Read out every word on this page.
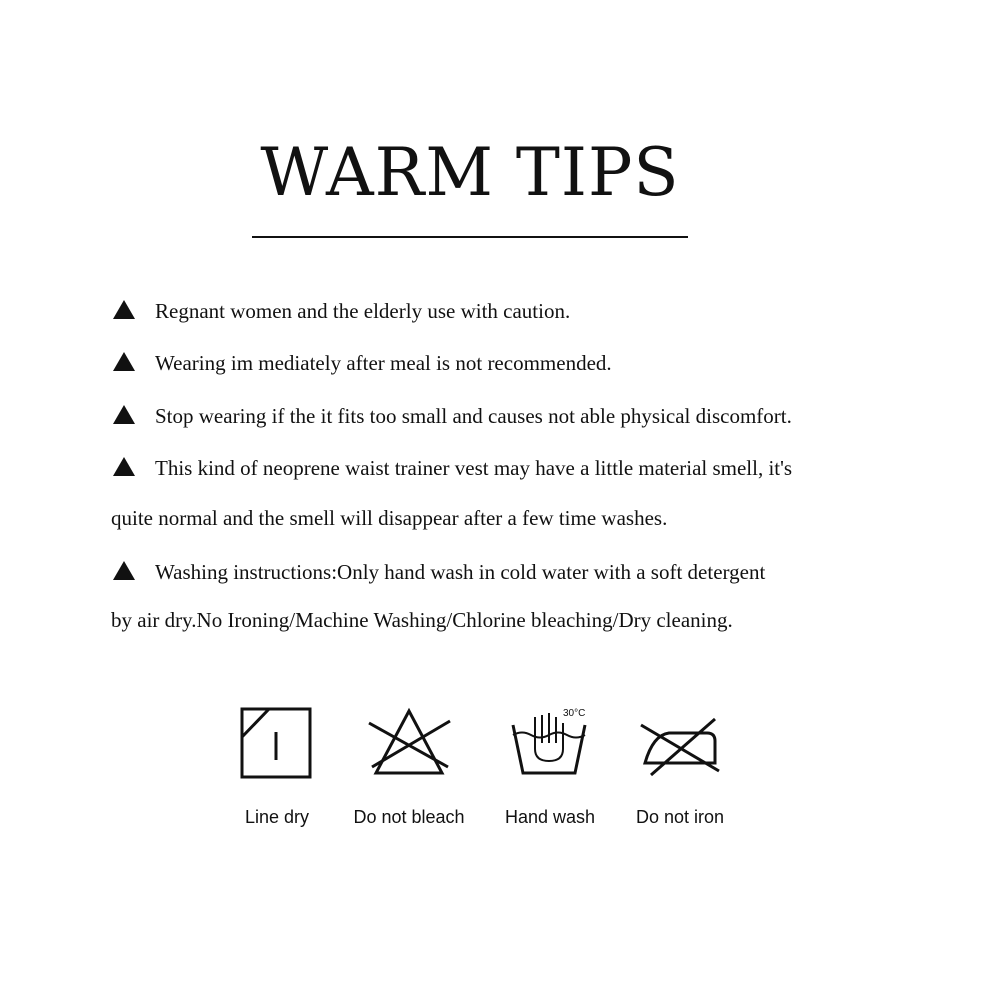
WARM TIPS
Regnant women and the elderly use with caution.
Wearing im mediately after meal is not recommended.
Stop wearing if the it fits too small and causes not able physical discomfort.
This kind of neoprene waist trainer vest may have a little material smell, it's
quite normal and the smell will disappear after a few time washes.
Washing instructions:Only hand wash in cold water with a soft detergent
by air dry.No Ironing/Machine Washing/Chlorine bleaching/Dry cleaning.
Line dry	Do not bleach
30°C
Hand wash	Do not iron
